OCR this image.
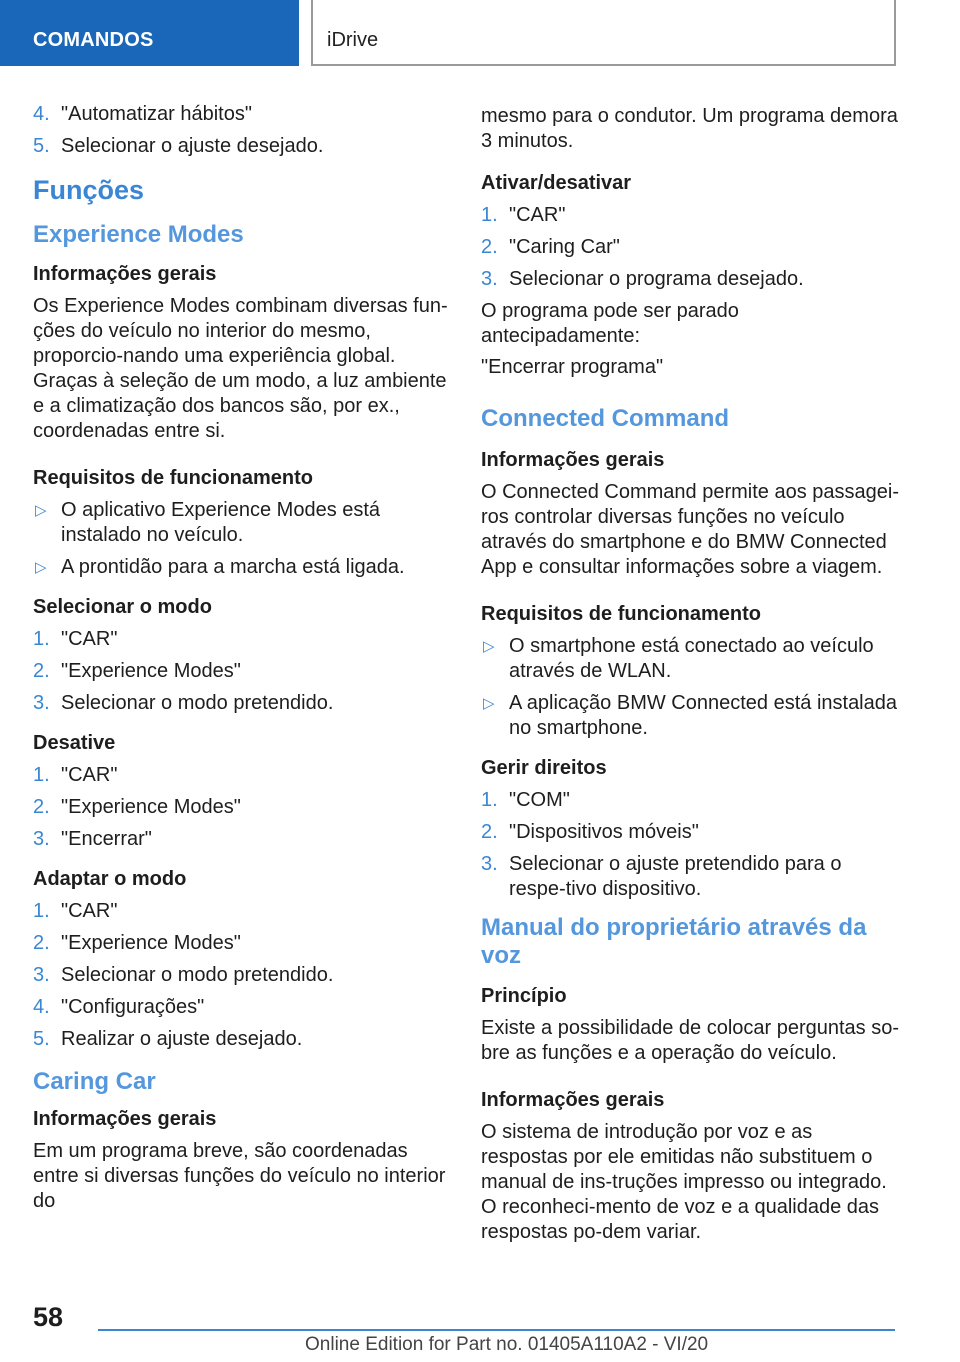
COMANDOS	iDrive
4. "Automatizar hábitos"
5. Selecionar o ajuste desejado.
Funções
Experience Modes
Informações gerais
Os Experience Modes combinam diversas fun-ções do veículo no interior do mesmo, proporcio-nando uma experiência global. Graças à seleção de um modo, a luz ambiente e a climatização dos bancos são, por ex., coordenadas entre si.
Requisitos de funcionamento
▷ O aplicativo Experience Modes está instalado no veículo.
▷ A prontidão para a marcha está ligada.
Selecionar o modo
1. "CAR"
2. "Experience Modes"
3. Selecionar o modo pretendido.
Desative
1. "CAR"
2. "Experience Modes"
3. "Encerrar"
Adaptar o modo
1. "CAR"
2. "Experience Modes"
3. Selecionar o modo pretendido.
4. "Configurações"
5. Realizar o ajuste desejado.
Caring Car
Informações gerais
Em um programa breve, são coordenadas entre si diversas funções do veículo no interior do
mesmo para o condutor. Um programa demora 3 minutos.
Ativar/desativar
1. "CAR"
2. "Caring Car"
3. Selecionar o programa desejado.
O programa pode ser parado antecipadamente:
"Encerrar programa"
Connected Command
Informações gerais
O Connected Command permite aos passagei-ros controlar diversas funções no veículo através do smartphone e do BMW Connected App e consultar informações sobre a viagem.
Requisitos de funcionamento
▷ O smartphone está conectado ao veículo através de WLAN.
▷ A aplicação BMW Connected está instalada no smartphone.
Gerir direitos
1. "COM"
2. "Dispositivos móveis"
3. Selecionar o ajuste pretendido para o respe-tivo dispositivo.
Manual do proprietário através da voz
Princípio
Existe a possibilidade de colocar perguntas so-bre as funções e a operação do veículo.
Informações gerais
O sistema de introdução por voz e as respostas por ele emitidas não substituem o manual de ins-truções impresso ou integrado. O reconheci-mento de voz e a qualidade das respostas po-dem variar.
58
Online Edition for Part no. 01405A110A2 - VI/20
